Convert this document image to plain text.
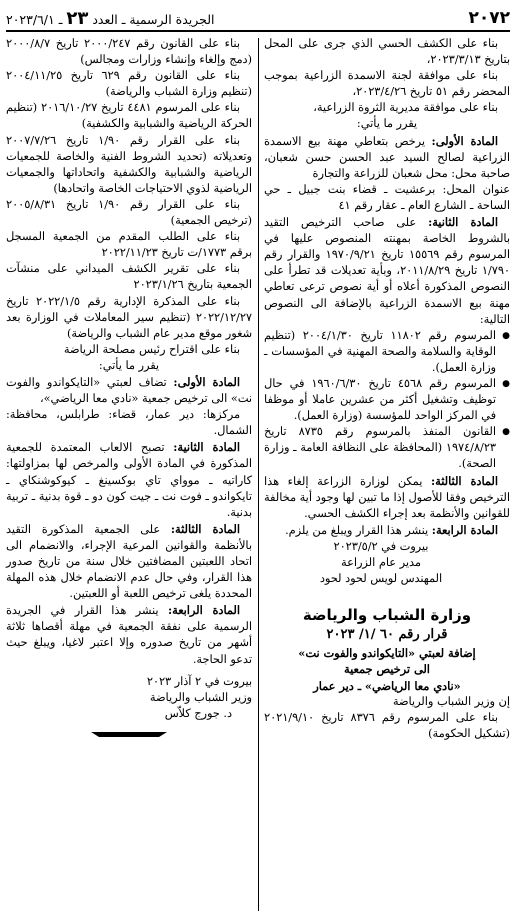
٢٠٧٢
الجريدة الرسمية ـ العدد ٢٣ ـ ٢٠٢٣/٦/١

بناء على الكشف الحسي الذي جرى على المحل بتاريخ ٢٠٢٣/٣/١٣،

بناء على موافقة لجنة الاسمدة الزراعية بموجب المحضر رقم ٥١ تاريخ ٢٠٢٣/٤/٢٦،

بناء على موافقة مديرية الثروة الزراعية،

يقرر ما يأتي:

المادة الأولى: يرخص بتعاطي مهنة بيع الاسمدة الزراعية لصالح السيد عبد الحسن حسن شعبان، صاحبة محل: محل شعبان للزراعة والتجارة

عنوان المحل: برعشيت ـ قضاء بنت جبيل ـ حي الساحة ـ الشارع العام ـ عقار رقم ٤١

المادة الثانية: على صاحب الترخيص التقيد بالشروط الخاصة بمهنته المنصوص عليها في المرسوم رقم ١٥٥٦٩ تاريخ ١٩٧٠/٩/٢١ والقرار رقم ١/٧٩٠ تاريخ ٢٠١١/٨/٢٩، وبأية تعديلات قد تطرأ على النصوص المذكورة أعلاه أو أية نصوص ترعى تعاطي مهنة بيع الاسمدة الزراعية بالإضافة الى النصوص التالية:

● المرسوم رقم ١١٨٠٢ تاريخ ٢٠٠٤/١/٣٠ (تنظيم الوقاية والسلامة والصحة المهنية في المؤسسات ـ وزارة العمل).

● المرسوم رقم ٤٥٦٨ تاريخ ١٩٦٠/٦/٣٠ في حال توظيف وتشغيل أكثر من عشرين عاملا أو موظفا في المركز الواحد للمؤسسة (وزارة العمل).

● القانون المنفذ بالمرسوم رقم ٨٧٣٥ تاريخ ١٩٧٤/٨/٢٣ (المحافظة على النظافة العامة ـ وزارة الصحة).

المادة الثالثة: يمكن لوزارة الزراعة إلغاء هذا الترخيص وفقا للأصول إذا ما تبين لها وجود أية مخالفة للقوانين والأنظمة بعد إجراء الكشف الحسي.

المادة الرابعة: ينشر هذا القرار ويبلغ من يلزم.

بيروت في ٢٠٢٣/٥/٢

مدير عام الزراعة

المهندس لويس لحود لحود

وزارة الشباب والرياضة
قرار رقم ٦٠ /١/ ٢٠٢٣
إضافة لعبتي «التايكواندو والفوت نت»
الى ترخيص جمعية
«نادي معا الرياضي» ـ دير عمار

إن وزير الشباب والرياضة

بناء على المرسوم رقم ٨٣٧٦ تاريخ ٢٠٢١/٩/١٠ (تشكيل الحكومة)

بناء على القانون رقم ٢٠٠٠/٢٤٧ تاريخ ٢٠٠٠/٨/٧ (دمج وإلغاء وإنشاء وزارات ومجالس)

بناء على القانون رقم ٦٢٩ تاريخ ٢٠٠٤/١١/٢٥ (تنظيم وزارة الشباب والرياضة)

بناء على المرسوم ٤٤٨١ تاريخ ٢٠١٦/١٠/٢٧ (تنظيم الحركة الرياضية والشبابية والكشفية)

بناء على القرار رقم ١/٩٠ تاريخ ٢٠٠٧/٧/٢٦ وتعديلاته (تحديد الشروط الفنية والخاصة للجمعيات الرياضية والشبابية والكشفية واتحاداتها والجمعيات الرياضية لذوي الاحتياجات الخاصة واتحادها)

بناء على القرار رقم ١/٩٠ تاريخ ٢٠٠٥/٨/٣١ (ترخيص الجمعية)

بناء على الطلب المقدم من الجمعية المسجل برقم ١٧٧٣/ت تاريخ ٢٠٢٢/١١/٢٣

بناء على تقرير الكشف الميداني على منشآت الجمعية بتاريخ ٢٠٢٣/١/٢٦

بناء على المذكرة الإدارية رقم ٢٠٢٢/١/٥ تاريخ ٢٠٢٢/١٢/٢٧ (تنظيم سير المعاملات في الوزارة بعد شغور موقع مدير عام الشباب والرياضة)

بناء على اقتراح رئيس مصلحة الرياضة

يقرر ما يأتي:

المادة الأولى: تضاف لعبتي «التايكواندو والفوت نت» الى ترخيص جمعية «نادي معا الرياضي»،

مركزها: دير عمار، قضاء: طرابلس، محافظة: الشمال.

المادة الثانية: تصبح الالعاب المعتمدة للجمعية المذكورة في المادة الأولى والمرخص لها بمزاولتها: كاراتيه ـ موواي تاي بوكسينغ ـ كيوكوشنكاي ـ تايكواندو ـ فوت نت ـ جيت كون دو ـ قوة بدنية ـ تربية بدنية.

المادة الثالثة: على الجمعية المذكورة التقيد بالأنظمة والقوانين المرعية الإجراء، والانضمام الى اتحاد اللعبتين المضافتين خلال سنة من تاريخ صدور هذا القرار، وفي حال عدم الانضمام خلال هذه المهلة المحددة يلغى ترخيص اللعبة أو اللعبتين.

المادة الرابعة: ينشر هذا القرار في الجريدة الرسمية على نفقة الجمعية في مهلة أقصاها ثلاثة أشهر من تاريخ صدوره وإلا اعتبر لاغيا، ويبلغ حيث تدعو الحاجة.

بيروت في ٢ آذار ٢٠٢٣

وزير الشباب والرياضة

د. جورج كلاّس
